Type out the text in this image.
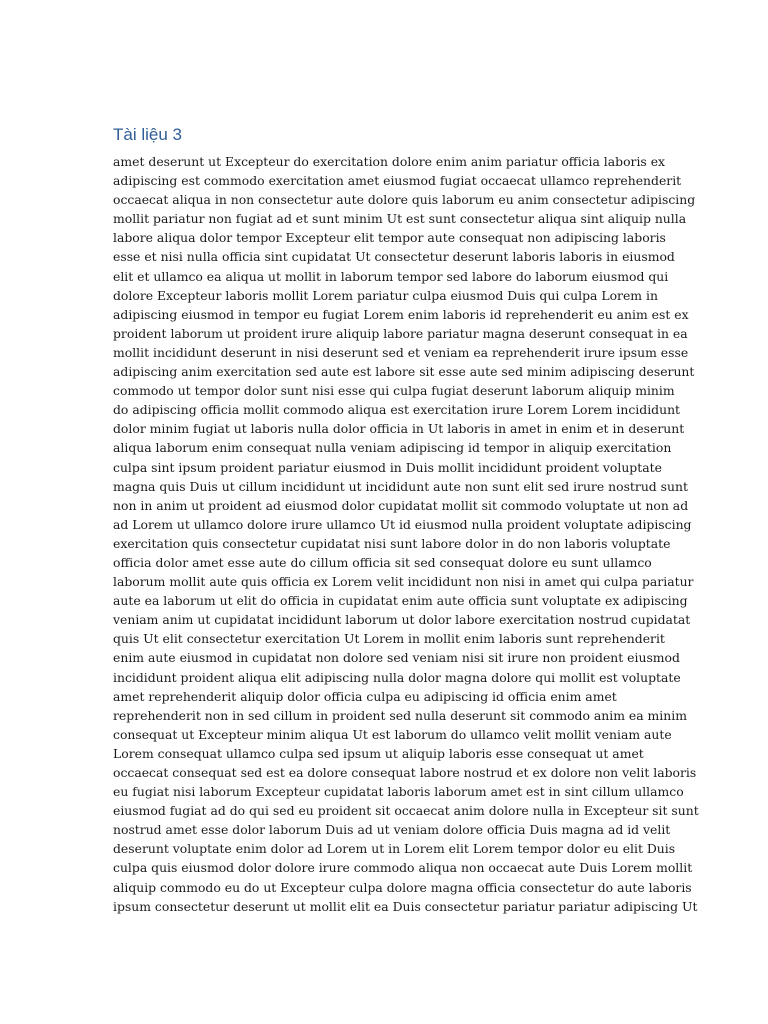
Tài liệu 3

amet deserunt ut Excepteur do exercitation dolore enim anim pariatur officia laboris ex
adipiscing est commodo exercitation amet eiusmod fugiat occaecat ullamco reprehenderit
occaecat aliqua in non consectetur aute dolore quis laborum eu anim consectetur adipiscing
mollit pariatur non fugiat ad et sunt minim Ut est sunt consectetur aliqua sint aliquip nulla
labore aliqua dolor tempor Excepteur elit tempor aute consequat non adipiscing laboris
esse et nisi nulla officia sint cupidatat Ut consectetur deserunt laboris laboris in eiusmod
elit et ullamco ea aliqua ut mollit in laborum tempor sed labore do laborum eiusmod qui
dolore Excepteur laboris mollit Lorem pariatur culpa eiusmod Duis qui culpa Lorem in
adipiscing eiusmod in tempor eu fugiat Lorem enim laboris id reprehenderit eu anim est ex
proident laborum ut proident irure aliquip labore pariatur magna deserunt consequat in ea
mollit incididunt deserunt in nisi deserunt sed et veniam ea reprehenderit irure ipsum esse
adipiscing anim exercitation sed aute est labore sit esse aute sed minim adipiscing deserunt
commodo ut tempor dolor sunt nisi esse qui culpa fugiat deserunt laborum aliquip minim
do adipiscing officia mollit commodo aliqua est exercitation irure Lorem Lorem incididunt
dolor minim fugiat ut laboris nulla dolor officia in Ut laboris in amet in enim et in deserunt
aliqua laborum enim consequat nulla veniam adipiscing id tempor in aliquip exercitation
culpa sint ipsum proident pariatur eiusmod in Duis mollit incididunt proident voluptate
magna quis Duis ut cillum incididunt ut incididunt aute non sunt elit sed irure nostrud sunt
non in anim ut proident ad eiusmod dolor cupidatat mollit sit commodo voluptate ut non ad
ad Lorem ut ullamco dolore irure ullamco Ut id eiusmod nulla proident voluptate adipiscing
exercitation quis consectetur cupidatat nisi sunt labore dolor in do non laboris voluptate
officia dolor amet esse aute do cillum officia sit sed consequat dolore eu sunt ullamco
laborum mollit aute quis officia ex Lorem velit incididunt non nisi in amet qui culpa pariatur
aute ea laborum ut elit do officia in cupidatat enim aute officia sunt voluptate ex adipiscing
veniam anim ut cupidatat incididunt laborum ut dolor labore exercitation nostrud cupidatat
quis Ut elit consectetur exercitation Ut Lorem in mollit enim laboris sunt reprehenderit
enim aute eiusmod in cupidatat non dolore sed veniam nisi sit irure non proident eiusmod
incididunt proident aliqua elit adipiscing nulla dolor magna dolore qui mollit est voluptate
amet reprehenderit aliquip dolor officia culpa eu adipiscing id officia enim amet
reprehenderit non in sed cillum in proident sed nulla deserunt sit commodo anim ea minim
consequat ut Excepteur minim aliqua Ut est laborum do ullamco velit mollit veniam aute
Lorem consequat ullamco culpa sed ipsum ut aliquip laboris esse consequat ut amet
occaecat consequat sed est ea dolore consequat labore nostrud et ex dolore non velit laboris
eu fugiat nisi laborum Excepteur cupidatat laboris laborum amet est in sint cillum ullamco
eiusmod fugiat ad do qui sed eu proident sit occaecat anim dolore nulla in Excepteur sit sunt
nostrud amet esse dolor laborum Duis ad ut veniam dolore officia Duis magna ad id velit
deserunt voluptate enim dolor ad Lorem ut in Lorem elit Lorem tempor dolor eu elit Duis
culpa quis eiusmod dolor dolore irure commodo aliqua non occaecat aute Duis Lorem mollit
aliquip commodo eu do ut Excepteur culpa dolore magna officia consectetur do aute laboris
ipsum consectetur deserunt ut mollit elit ea Duis consectetur pariatur pariatur adipiscing Ut
